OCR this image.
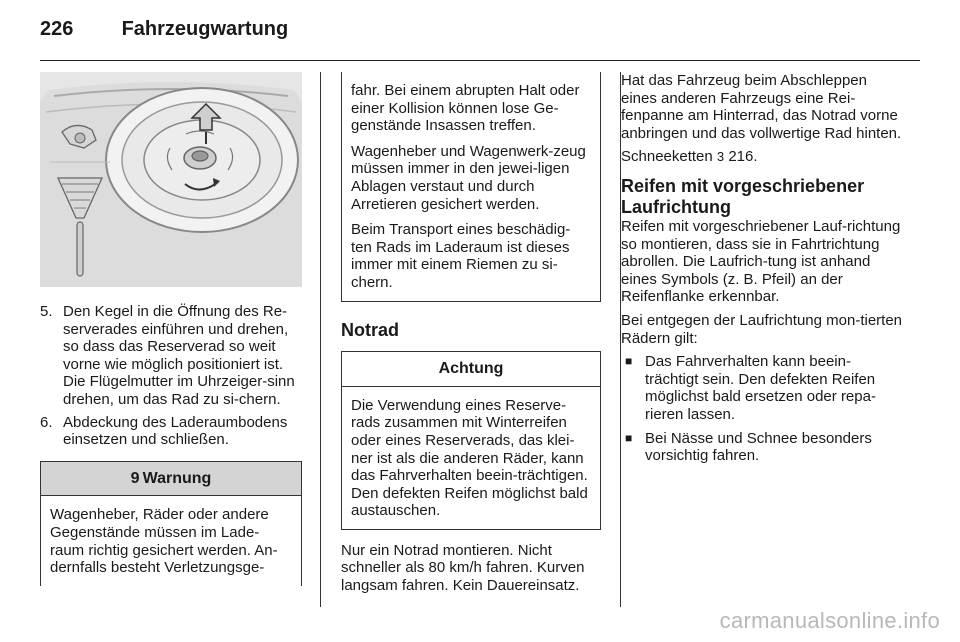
226 Fahrzeugwartung
5. Den Kegel in die Öffnung des Re-serverades einführen und drehen, so dass das Reserverad so weit vorne wie möglich positioniert ist. Die Flügelmutter im Uhrzeiger-sinn drehen, um das Rad zu si-chern.
6. Abdeckung des Laderaumbodens einsetzen und schließen.
9 Warnung

Wagenheber, Räder oder andere Gegenstände müssen im Lade-raum richtig gesichert werden. An-dernfalls besteht Verletzungsge-

fahr. Bei einem abrupten Halt oder einer Kollision können lose Ge-genstände Insassen treffen.

Wagenheber und Wagenwerk-zeug müssen immer in den jewei-ligen Ablagen verstaut und durch Arretieren gesichert werden.

Beim Transport eines beschädig-ten Rads im Laderaum ist dieses immer mit einem Riemen zu si-chern.

Notrad
Achtung

Die Verwendung eines Reserve-rads zusammen mit Winterreifen oder eines Reserverads, das klei-ner ist als die anderen Räder, kann das Fahrverhalten beein-trächtigen. Den defekten Reifen möglichst bald austauschen.

Nur ein Notrad montieren. Nicht schneller als 80 km/h fahren. Kurven langsam fahren. Kein Dauereinsatz.

Hat das Fahrzeug beim Abschleppen eines anderen Fahrzeugs eine Rei-fenpanne am Hinterrad, das Notrad vorne anbringen und das vollwertige Rad hinten.

Schneeketten 3 216.

Reifen mit vorgeschriebener Laufrichtung

Reifen mit vorgeschriebener Lauf-richtung so montieren, dass sie in Fahrtrichtung abrollen. Die Laufrich-tung ist anhand eines Symbols (z. B. Pfeil) an der Reifenflanke erkennbar.

Bei entgegen der Laufrichtung mon-tierten Rädern gilt:

■ Das Fahrverhalten kann beein-trächtigt sein. Den defekten Reifen möglichst bald ersetzen oder repa-rieren lassen.
■ Bei Nässe und Schnee besonders vorsichtig fahren.
carmanualsonline.info
